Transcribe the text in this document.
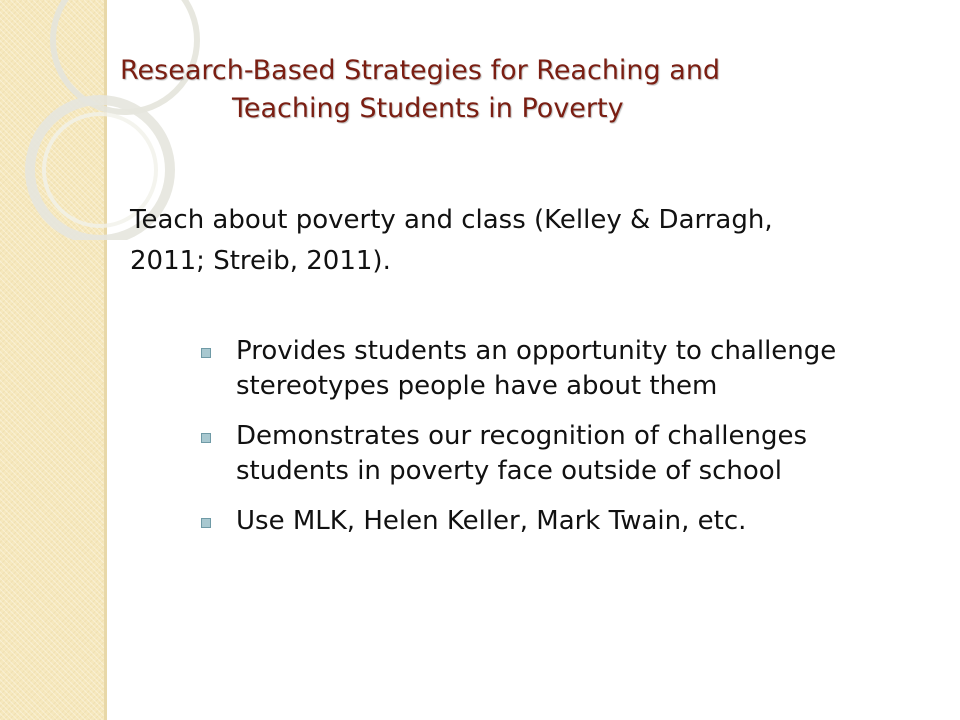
Research-Based Strategies for Reaching and
Teaching Students in Poverty

Teach about poverty and class (Kelley & Darragh,
2011; Streib, 2011).

Provides students an opportunity to challenge stereotypes people have about them
Demonstrates our recognition of challenges students in poverty face outside of school
Use MLK, Helen Keller, Mark Twain, etc.
